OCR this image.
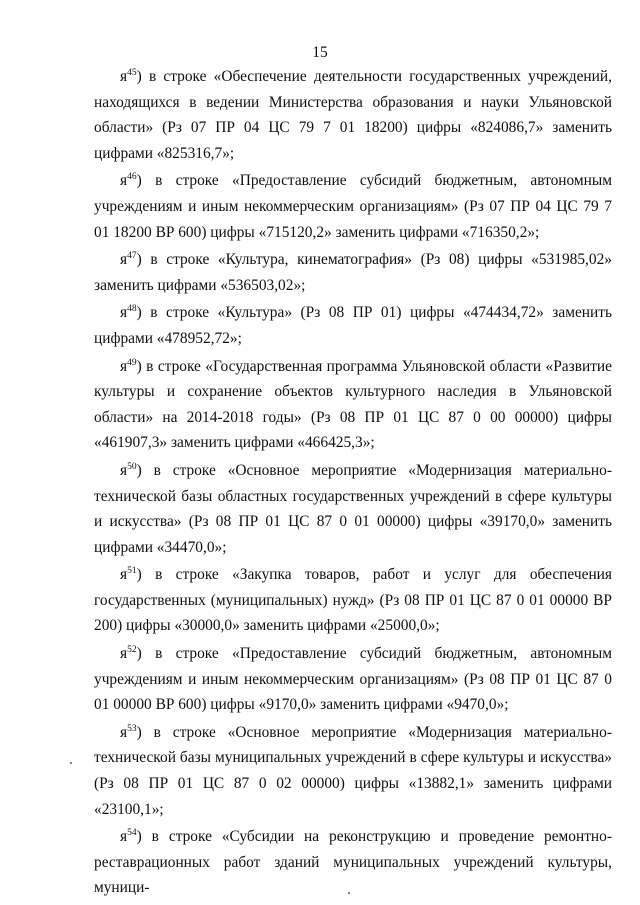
15

$я^{45}$) в строке «Обеспечение деятельности государственных учреждений, находящихся в ведении Министерства образования и науки Ульяновской области» (Рз 07 ПР 04 ЦС 79 7 01 18200) цифры «824086,7» заменить цифрами «825316,7»;

$я^{46}$) в строке «Предоставление субсидий бюджетным, автономным учреждениям и иным некоммерческим организациям» (Рз 07 ПР 04 ЦС 79 7 01 18200 ВР 600) цифры «715120,2» заменить цифрами «716350,2»;

$я^{47}$) в строке «Культура, кинематография» (Рз 08) цифры «531985,02» заменить цифрами «536503,02»;

$я^{48}$) в строке «Культура» (Рз 08 ПР 01) цифры «474434,72» заменить цифрами «478952,72»;

$я^{49}$) в строке «Государственная программа Ульяновской области «Развитие культуры и сохранение объектов культурного наследия в Ульяновской области» на 2014-2018 годы» (Рз 08 ПР 01 ЦС 87 0 00 00000) цифры «461907,3» заменить цифрами «466425,3»;

$я^{50}$) в строке «Основное мероприятие «Модернизация материально-технической базы областных государственных учреждений в сфере культуры и искусства» (Рз 08 ПР 01 ЦС 87 0 01 00000) цифры «39170,0» заменить цифрами «34470,0»;

$я^{51}$) в строке «Закупка товаров, работ и услуг для обеспечения государственных (муниципальных) нужд» (Рз 08 ПР 01 ЦС 87 0 01 00000 ВР 200) цифры «30000,0» заменить цифрами «25000,0»;

$я^{52}$) в строке «Предоставление субсидий бюджетным, автономным учреждениям и иным некоммерческим организациям» (Рз 08 ПР 01 ЦС 87 0 01 00000 ВР 600) цифры «9170,0» заменить цифрами «9470,0»;

$я^{53}$) в строке «Основное мероприятие «Модернизация материально-технической базы муниципальных учреждений в сфере культуры и искусства» (Рз 08 ПР 01 ЦС 87 0 02 00000) цифры «13882,1» заменить цифрами «23100,1»;

$я^{54}$) в строке «Субсидии на реконструкцию и проведение ремонтно-реставрационных работ зданий муниципальных учреждений культуры, муници-
